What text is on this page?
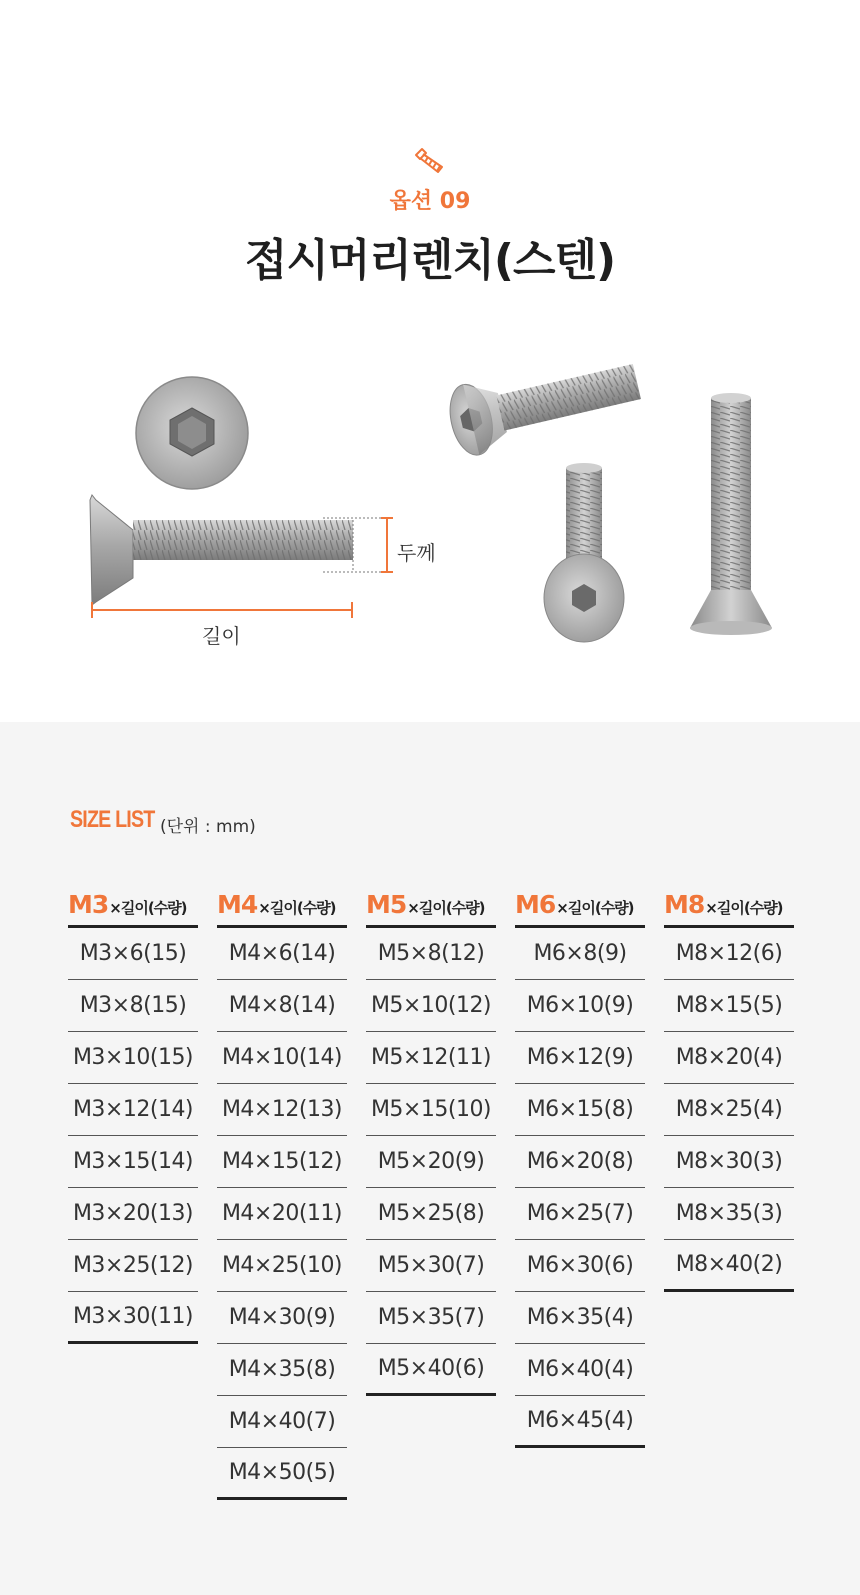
옵션 09
접시머리렌치(스텐)
두께
길이
SIZE LIST (단위 : mm)
M3 ×길이(수량)
M3×6(15)
M3×8(15)
M3×10(15)
M3×12(14)
M3×15(14)
M3×20(13)
M3×25(12)
M3×30(11)
M4 ×길이(수량)
M4×6(14)
M4×8(14)
M4×10(14)
M4×12(13)
M4×15(12)
M4×20(11)
M4×25(10)
M4×30(9)
M4×35(8)
M4×40(7)
M4×50(5)
M5 ×길이(수량)
M5×8(12)
M5×10(12)
M5×12(11)
M5×15(10)
M5×20(9)
M5×25(8)
M5×30(7)
M5×35(7)
M5×40(6)
M6 ×길이(수량)
M6×8(9)
M6×10(9)
M6×12(9)
M6×15(8)
M6×20(8)
M6×25(7)
M6×30(6)
M6×35(4)
M6×40(4)
M6×45(4)
M8 ×길이(수량)
M8×12(6)
M8×15(5)
M8×20(4)
M8×25(4)
M8×30(3)
M8×35(3)
M8×40(2)
